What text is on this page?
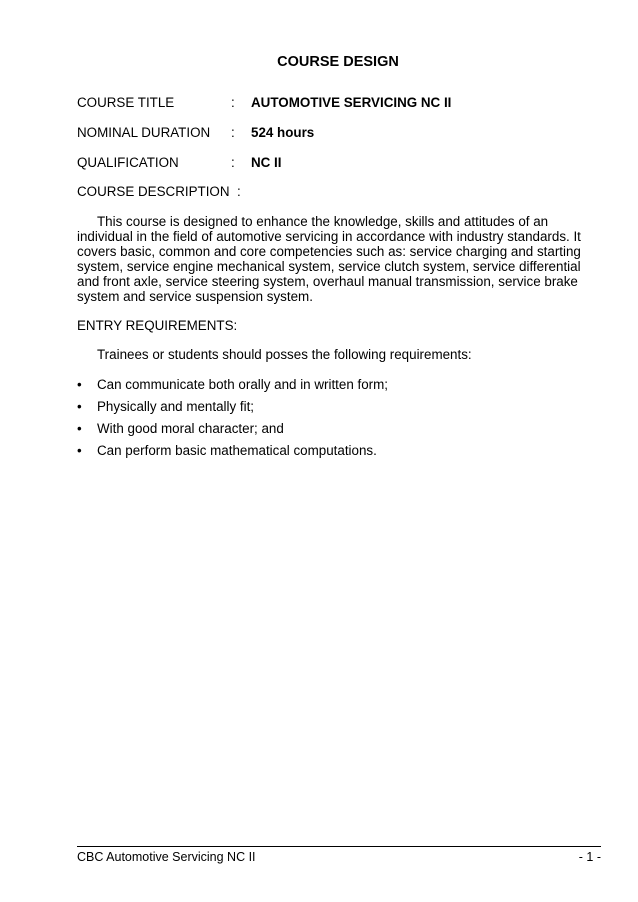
COURSE DESIGN
COURSE TITLE	: AUTOMOTIVE SERVICING NC II
NOMINAL DURATION : 524 hours
QUALIFICATION	: NC II
COURSE DESCRIPTION  :

This course is designed to enhance the knowledge, skills and attitudes of an individual in the field of automotive servicing in accordance with industry standards. It covers basic, common and core competencies such as: service charging and starting system, service engine mechanical system, service clutch system, service differential and front axle, service steering system, overhaul manual transmission, service brake system and service suspension system.

ENTRY REQUIREMENTS:
Trainees or students should posses the following requirements:
• Can communicate both orally and in written form;
• Physically and mentally fit;
• With good moral character; and
• Can perform basic mathematical computations.
CBC Automotive Servicing NC II	- 1 -
